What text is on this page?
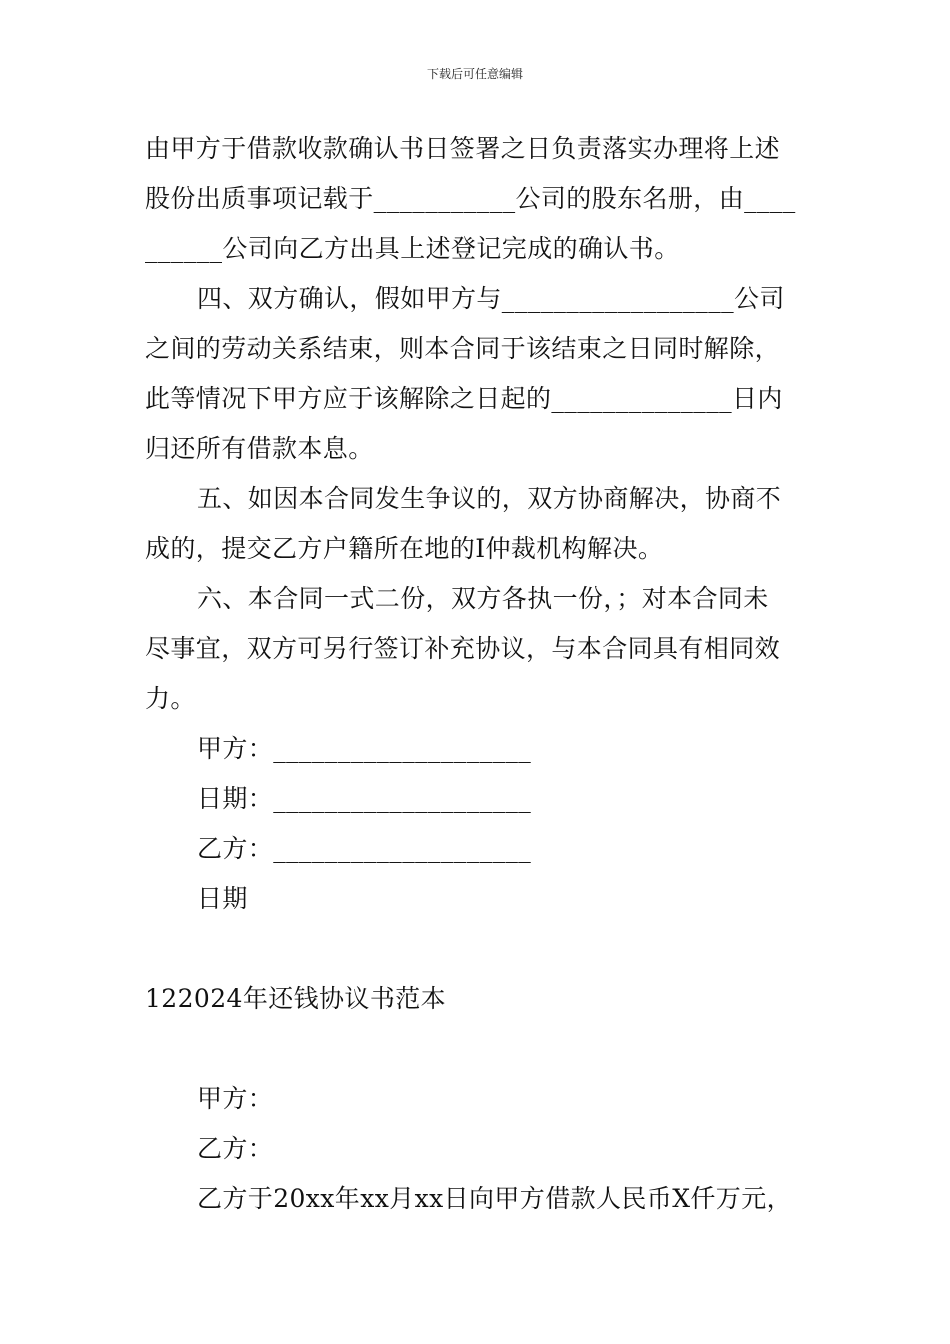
下载后可任意编辑
由甲方于借款收款确认书日签署之日负责落实办理将上述
股份出质事项记载于___________公司的股东名册，由____
______公司向乙方出具上述登记完成的确认书。
四、双方确认，假如甲方与__________________公司
之间的劳动关系结束，则本合同于该结束之日同时解除，
此等情况下甲方应于该解除之日起的______________日内
归还所有借款本息。
五、如因本合同发生争议的，双方协商解决，协商不
成的，提交乙方户籍所在地的I仲裁机构解决。
六、本合同一式二份，双方各执一份，；对本合同未
尽事宜，双方可另行签订补充协议，与本合同具有相同效
力。
甲方：____________________
日期：____________________
乙方：____________________
日期
122024年还钱协议书范本
甲方：
乙方：
乙方于20xx年xx月xx日向甲方借款人民币X仟万元，
